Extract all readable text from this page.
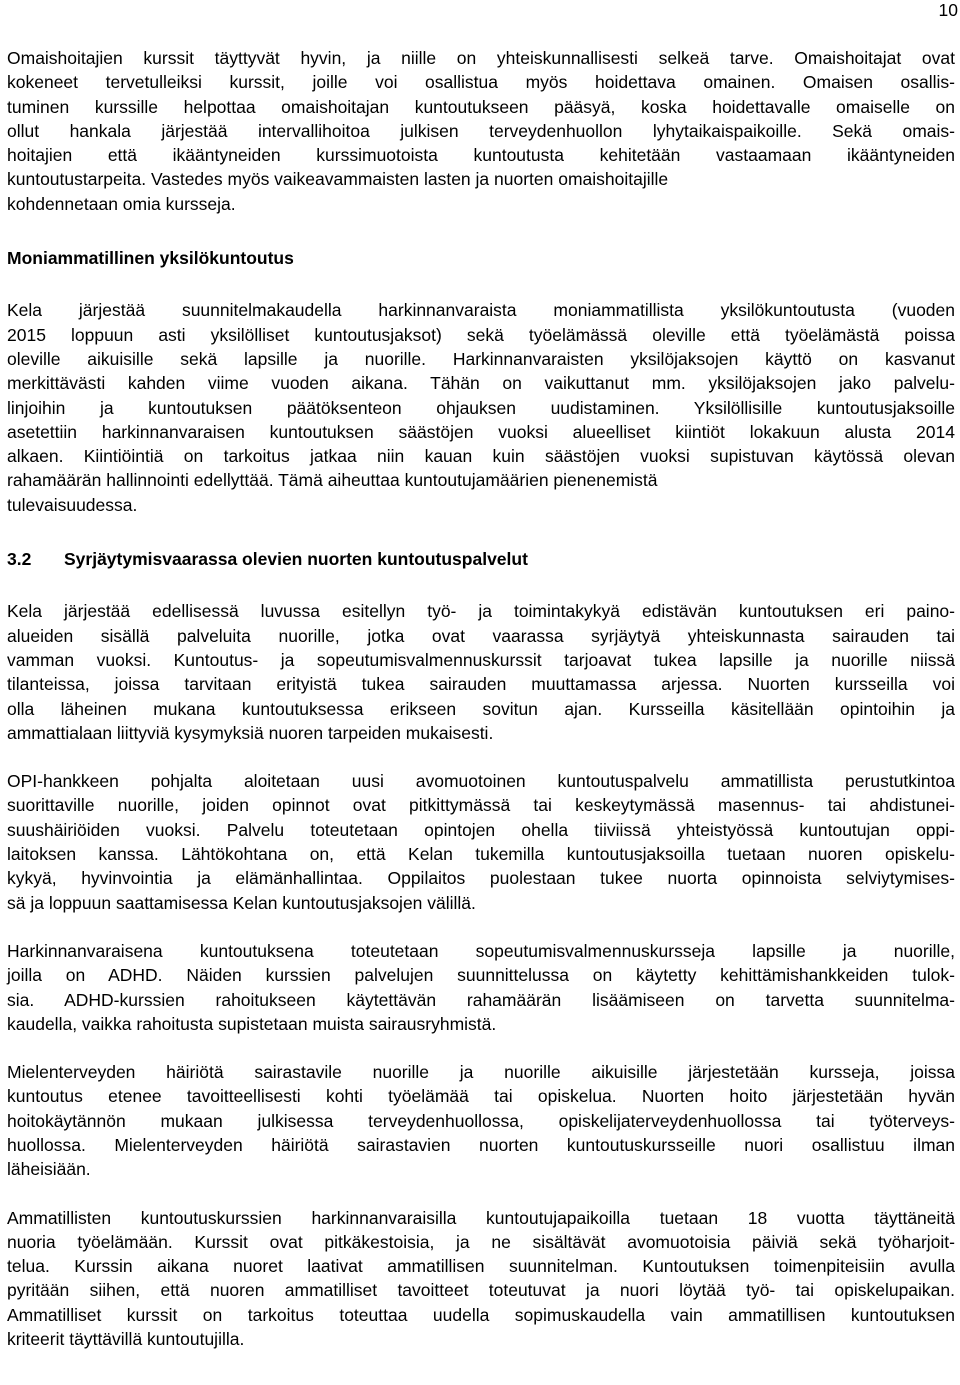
10
Omaishoitajien kurssit täyttyvät hyvin, ja niille on yhteiskunnallisesti selkeä tarve. Omaishoitajat ovat
kokeneet tervetulleiksi kurssit, joille voi osallistua myös hoidettava omainen. Omaisen osallis-
tuminen kurssille helpottaa omaishoitajan kuntoutukseen pääsyä, koska hoidettavalle omaiselle on
ollut hankala järjestää intervallihoitoa julkisen terveydenhuollon lyhytaikaispaikoille. Sekä omais-
hoitajien että ikääntyneiden kurssimuotoista kuntoutusta kehitetään vastaamaan ikääntyneiden
kuntoutustarpeita. Vastedes myös vaikeavammaisten lasten ja nuorten omaishoitajille
kohdennetaan omia kursseja.
Moniammatillinen yksilökuntoutus
Kela järjestää suunnitelmakaudella harkinnanvaraista moniammatillista yksilökuntoutusta (vuoden
2015 loppuun asti yksilölliset kuntoutusjaksot) sekä työelämässä oleville että työelämästä poissa
oleville aikuisille sekä lapsille ja nuorille. Harkinnanvaraisten yksilöjaksojen käyttö on kasvanut
merkittävästi kahden viime vuoden aikana. Tähän on vaikuttanut mm. yksilöjaksojen jako palvelu-
linjoihin ja kuntoutuksen päätöksenteon ohjauksen uudistaminen. Yksilöllisille kuntoutusjaksoille
asetettiin harkinnanvaraisen kuntoutuksen säästöjen vuoksi alueelliset kiintiöt lokakuun alusta 2014
alkaen. Kiintiöintiä on tarkoitus jatkaa niin kauan kuin säästöjen vuoksi supistuvan käytössä olevan
rahamäärän hallinnointi edellyttää. Tämä aiheuttaa kuntoutujamäärien pienenemistä
tulevaisuudessa.
3.2 Syrjäytymisvaarassa olevien nuorten kuntoutuspalvelut
Kela järjestää edellisessä luvussa esitellyn työ- ja toimintakykyä edistävän kuntoutuksen eri paino-
alueiden sisällä palveluita nuorille, jotka ovat vaarassa syrjäytyä yhteiskunnasta sairauden tai
vamman vuoksi. Kuntoutus- ja sopeutumisvalmennuskurssit tarjoavat tukea lapsille ja nuorille niissä
tilanteissa, joissa tarvitaan erityistä tukea sairauden muuttamassa arjessa. Nuorten kursseilla voi
olla läheinen mukana kuntoutuksessa erikseen sovitun ajan. Kursseilla käsitellään opintoihin ja
ammattialaan liittyviä kysymyksiä nuoren tarpeiden mukaisesti.
OPI-hankkeen pohjalta aloitetaan uusi avomuotoinen kuntoutuspalvelu ammatillista perustutkintoa
suorittaville nuorille, joiden opinnot ovat pitkittymässä tai keskeytymässä masennus- tai ahdistunei-
suushäiriöiden vuoksi. Palvelu toteutetaan opintojen ohella tiiviissä yhteistyössä kuntoutujan oppi-
laitoksen kanssa. Lähtökohtana on, että Kelan tukemilla kuntoutusjaksoilla tuetaan nuoren opiskelu-
kykyä, hyvinvointia ja elämänhallintaa. Oppilaitos puolestaan tukee nuorta opinnoista selviytymises-
sä ja loppuun saattamisessa Kelan kuntoutusjaksojen välillä.
Harkinnanvaraisena kuntoutuksena toteutetaan sopeutumisvalmennuskursseja lapsille ja nuorille,
joilla on ADHD. Näiden kurssien palvelujen suunnittelussa on käytetty kehittämishankkeiden tulok-
sia. ADHD-kurssien rahoitukseen käytettävän rahamäärän lisäämiseen on tarvetta suunnitelma-
kaudella, vaikka rahoitusta supistetaan muista sairausryhmistä.
Mielenterveyden häiriötä sairastavile nuorille ja nuorille aikuisille järjestetään kursseja, joissa
kuntoutus etenee tavoitteellisesti kohti työelämää tai opiskelua. Nuorten hoito järjestetään hyvän
hoitokäytännön mukaan julkisessa terveydenhuollossa, opiskelijaterveydenhuollossa tai työterveys-
huollossa. Mielenterveyden häiriötä sairastavien nuorten kuntoutuskursseille nuori osallistuu ilman
läheisiään.
Ammatillisten kuntoutuskurssien harkinnanvaraisilla kuntoutujapaikoilla tuetaan 18 vuotta täyttäneitä
nuoria työelämään. Kurssit ovat pitkäkestoisia, ja ne sisältävät avomuotoisia päiviä sekä työharjoit-
telua. Kurssin aikana nuoret laativat ammatillisen suunnitelman. Kuntoutuksen toimenpiteisiin avulla
pyritään siihen, että nuoren ammatilliset tavoitteet toteutuvat ja nuori löytää työ- tai opiskelupaikan.
Ammatilliset kurssit on tarkoitus toteuttaa uudella sopimuskaudella vain ammatillisen kuntoutuksen
kriteerit täyttävillä kuntoutujilla.
